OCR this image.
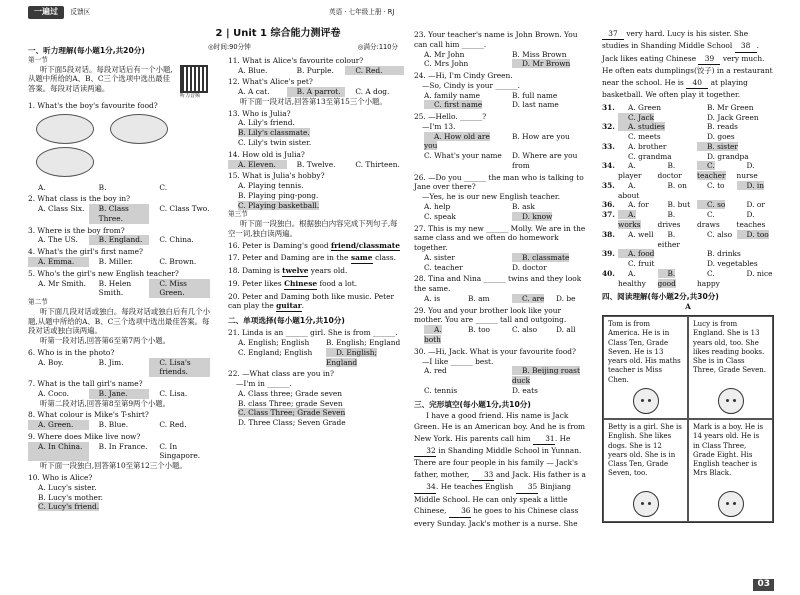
一遍过 反馈区	英语 · 七年级上册 · RJ
一、听力理解(每小题1分,共20分)
第一节
听下面5段对话。每段对话后有一个小题,从题中所给的A、B、C三个选项中选出最佳答案。每段对话读两遍。
听力音频
1. What's the boy's favourite food?
A.	B.	C.
2. What class is the boy in?
A. Class Six.	B. Class Three.
C. Class Two.
3. Where is the boy from?
A. The US.	B. England.	C. China.
4. What's the girl's first name?
A. Emma.	B. Miller.	C. Brown.
5. Who's the girl's new English teacher?
A. Mr Smith.	B. Helen Smith.
C. Miss Green.
第二节
听下面几段对话或独白。每段对话或独白后有几个小题,从题中所给的A、B、C三个选项中选出最佳答案。每段对话或独白读两遍。
听第一段对话,回答第6至第7两个小题。
6. Who is in the photo?
A. Boy.	B. Jim.	C. Lisa's friends.
7. What is the tall girl's name?
A. Coco.	B. Jane.	C. Lisa.
听第二段对话,回答第8至第9两个小题。
8. What colour is Mike's T-shirt?
A. Green.	B. Blue.	C. Red.
9. Where does Mike live now?
A. In China.	B. In France.	C. In Singapore.
听下面一段独白,回答第10至第12三个小题。
10. Who is Alice?
A. Lucy's sister.
B. Lucy's mother.
C. Lucy's friend.
2 | Unit 1 综合能力测评卷
◎时间:90分钟	◎满分:110分
11. What is Alice's favourite colour?
A. Blue.	B. Purple.	C. Red.
12. What's Alice's pet?
A. A cat.	B. A parrot.	C. A dog.
听下面一段对话,回答第13至第15三个小题。
13. Who is Julia?
A. Lily's friend.
B. Lily's classmate.
C. Lily's twin sister.
14. How old is Julia?
A. Eleven.	B. Twelve.	C. Thirteen.
15. What is Julia's hobby?
A. Playing tennis.
B. Playing ping-pong.
C. Playing basketball.
第三节
听下面一段独白。根据独白内容完成下列句子,每空一词,独白读两遍。
16. Peter is Daming's good friend/classmate
17. Peter and Daming are in the same class.
18. Daming is twelve years old.
19. Peter likes Chinese food a lot.
20. Peter and Daming both like music. Peter can play the guitar.
二、单项选择(每小题1分,共10分)
21. Linda is an ______ girl. She is from ______.
A. English; English	B. English; England
C. England; English	D. English; England
22. —What class are you in?
—I'm in ______.
A. Class three; Grade seven
B. class Three; grade Seven
C. Class Three; Grade Seven
D. Three Class; Seven Grade
23. Your teacher's name is John Brown. You can call him ______.
A. Mr John	B. Miss Brown
C. Mrs John	D. Mr Brown
24. —Hi, I'm Cindy Green.
—So, Cindy is your ______.
A. family name	B. full name
C. first name	D. last name
25. —Hello. ______?
—I'm 13.
A. How old are you
B. How are you
C. What's your name	D. Where are you from
26. —Do you ______ the man who is talking to Jane over there?
—Yes, he is our new English teacher.
A. help	B. ask
C. speak	D. know
27. This is my new ______ Molly. We are in the same class and we often do homework together.
A. sister	B. classmate
C. teacher	D. doctor
28. Tina and Nina ______ twins and they look the same.
A. is	B. am	C. are	D. be
29. You and your brother look like your mother. You are ______ tall and outgoing.
A. both
B. too	C. also	D. all
30. —Hi, Jack. What is your favourite food?
—I like ______ best.
A. red	B. Beijing roast duck
C. tennis	D. eats
三、完形填空(每小题1分,共10分)
I have a good friend. His name is Jack Green. He is an American boy. And he is from New York. His parents call him 31. He 32 in Shanding Middle School in Yunnan. There are four people in his family — Jack's father, mother, 33 and Jack. His father is a 34. He teaches English 35 Binjiang Middle School. He can only speak a little Chinese, 36 he goes to his Chinese class every Sunday. Jack's mother is a nurse. She
37 very hard. Lucy is his sister. She studies in Shanding Middle School 38 . Jack likes eating Chinese 39 very much. He often eats dumplings(饺子) in a restaurant near the school. He is 40 at playing basketball. We often play it together.
31.	A. Green	B. Mr Green
C. Jack	D. Jack Green
32.	A. studies	B. reads
C. meets	D. goes
33.	A. brother	B. sister
C. grandma	D. grandpa
34.	A. player
B. doctor
C. teacher
D. nurse
35.	A. about
B. on	C. to	D. in
36.	A. for	B. but	C. so	D. or
37.	A. works
B. drives
C. draws
D. teaches
38.	A. well	B. either
C. also	D. too
39.	A. food	B. drinks
C. fruit	D. vegetables
40.	A. healthy
B. good
C. happy
D. nice
四、阅读理解(每小题2分,共30分)
A
Tom is from America. He is in Class Ten, Grade Seven. He is 13 years old. His maths teacher is Miss Chen.
Lucy is from England. She is 13 years old, too. She likes reading books. She is in Class Three, Grade Seven.
Betty is a girl. She is English. She likes dogs. She is 12 years old. She is in Class Ten, Grade Seven, too.
Mark is a boy. He is 14 years old. He is in Class Three, Grade Eight. His English teacher is Mrs Black.
03
